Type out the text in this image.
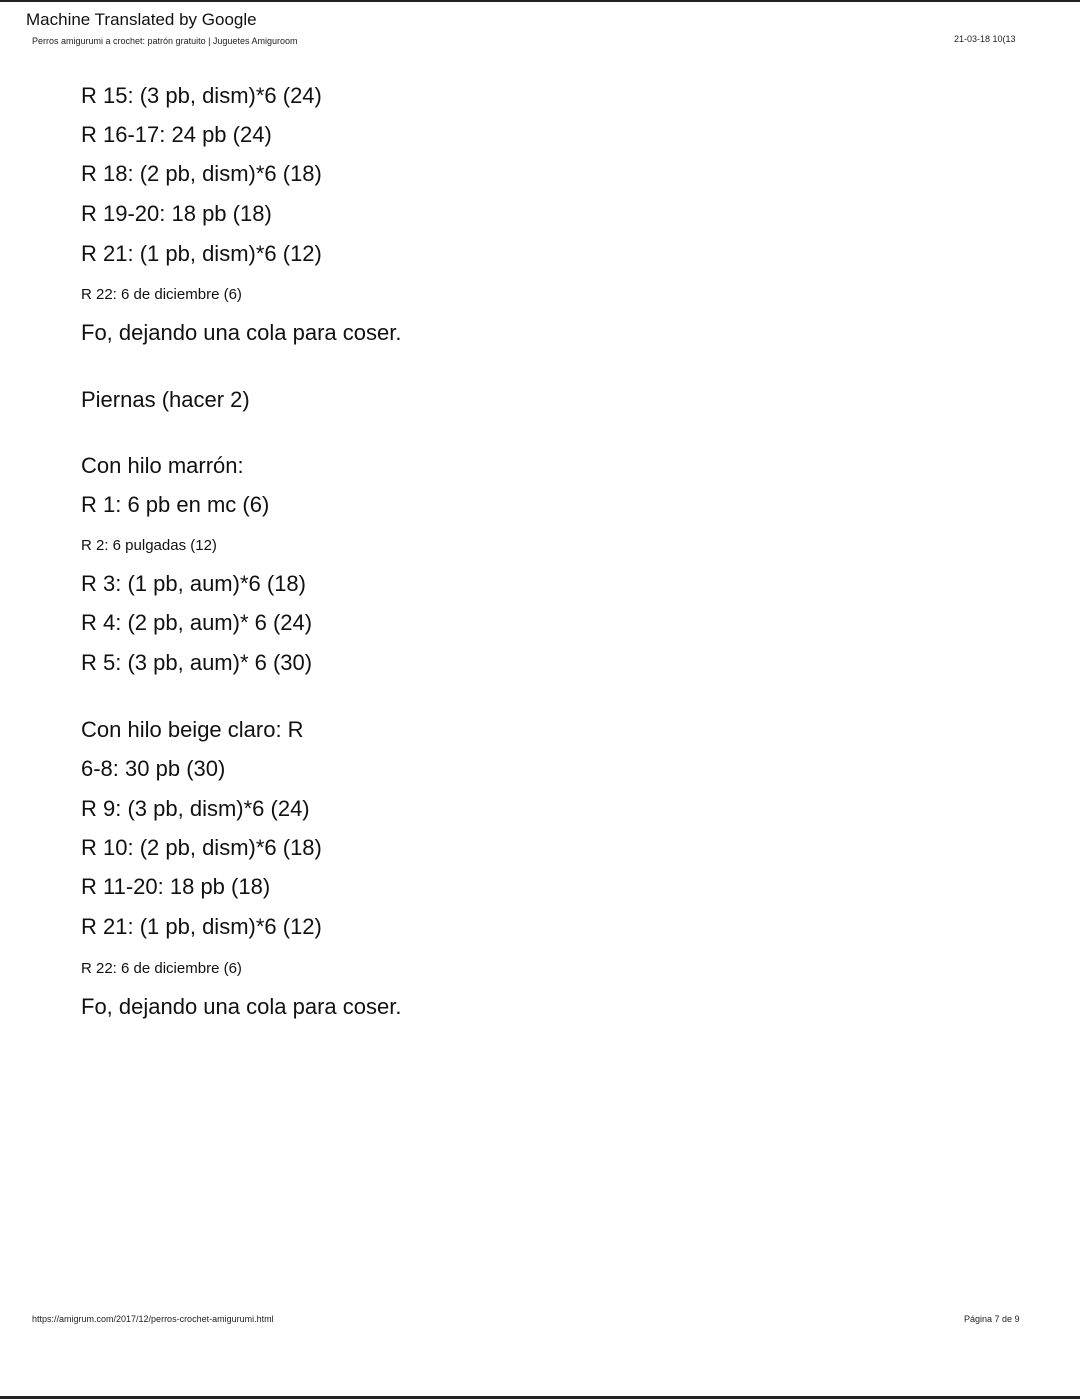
Machine Translated by Google
Perros amigurumi a crochet: patrón gratuito | Juguetes Amiguroom	21-03-18 10(13
R 15: (3 pb, dism)*6 (24)
R 16-17: 24 pb (24)
R 18: (2 pb, dism)*6 (18)
R 19-20: 18 pb (18)
R 21: (1 pb, dism)*6 (12)
R 22: 6 de diciembre (6)
Fo, dejando una cola para coser.
Piernas (hacer 2)
Con hilo marrón:
R 1: 6 pb en mc (6)
R 2: 6 pulgadas (12)
R 3: (1 pb, aum)*6 (18)
R 4: (2 pb, aum)* 6 (24)
R 5: (3 pb, aum)* 6 (30)
Con hilo beige claro: R
6-8: 30 pb (30)
R 9: (3 pb, dism)*6 (24)
R 10: (2 pb, dism)*6 (18)
R 11-20: 18 pb (18)
R 21: (1 pb, dism)*6 (12)
R 22: 6 de diciembre (6)
Fo, dejando una cola para coser.
https://amigrum.com/2017/12/perros-crochet-amigurumi.html	Página 7 de 9
